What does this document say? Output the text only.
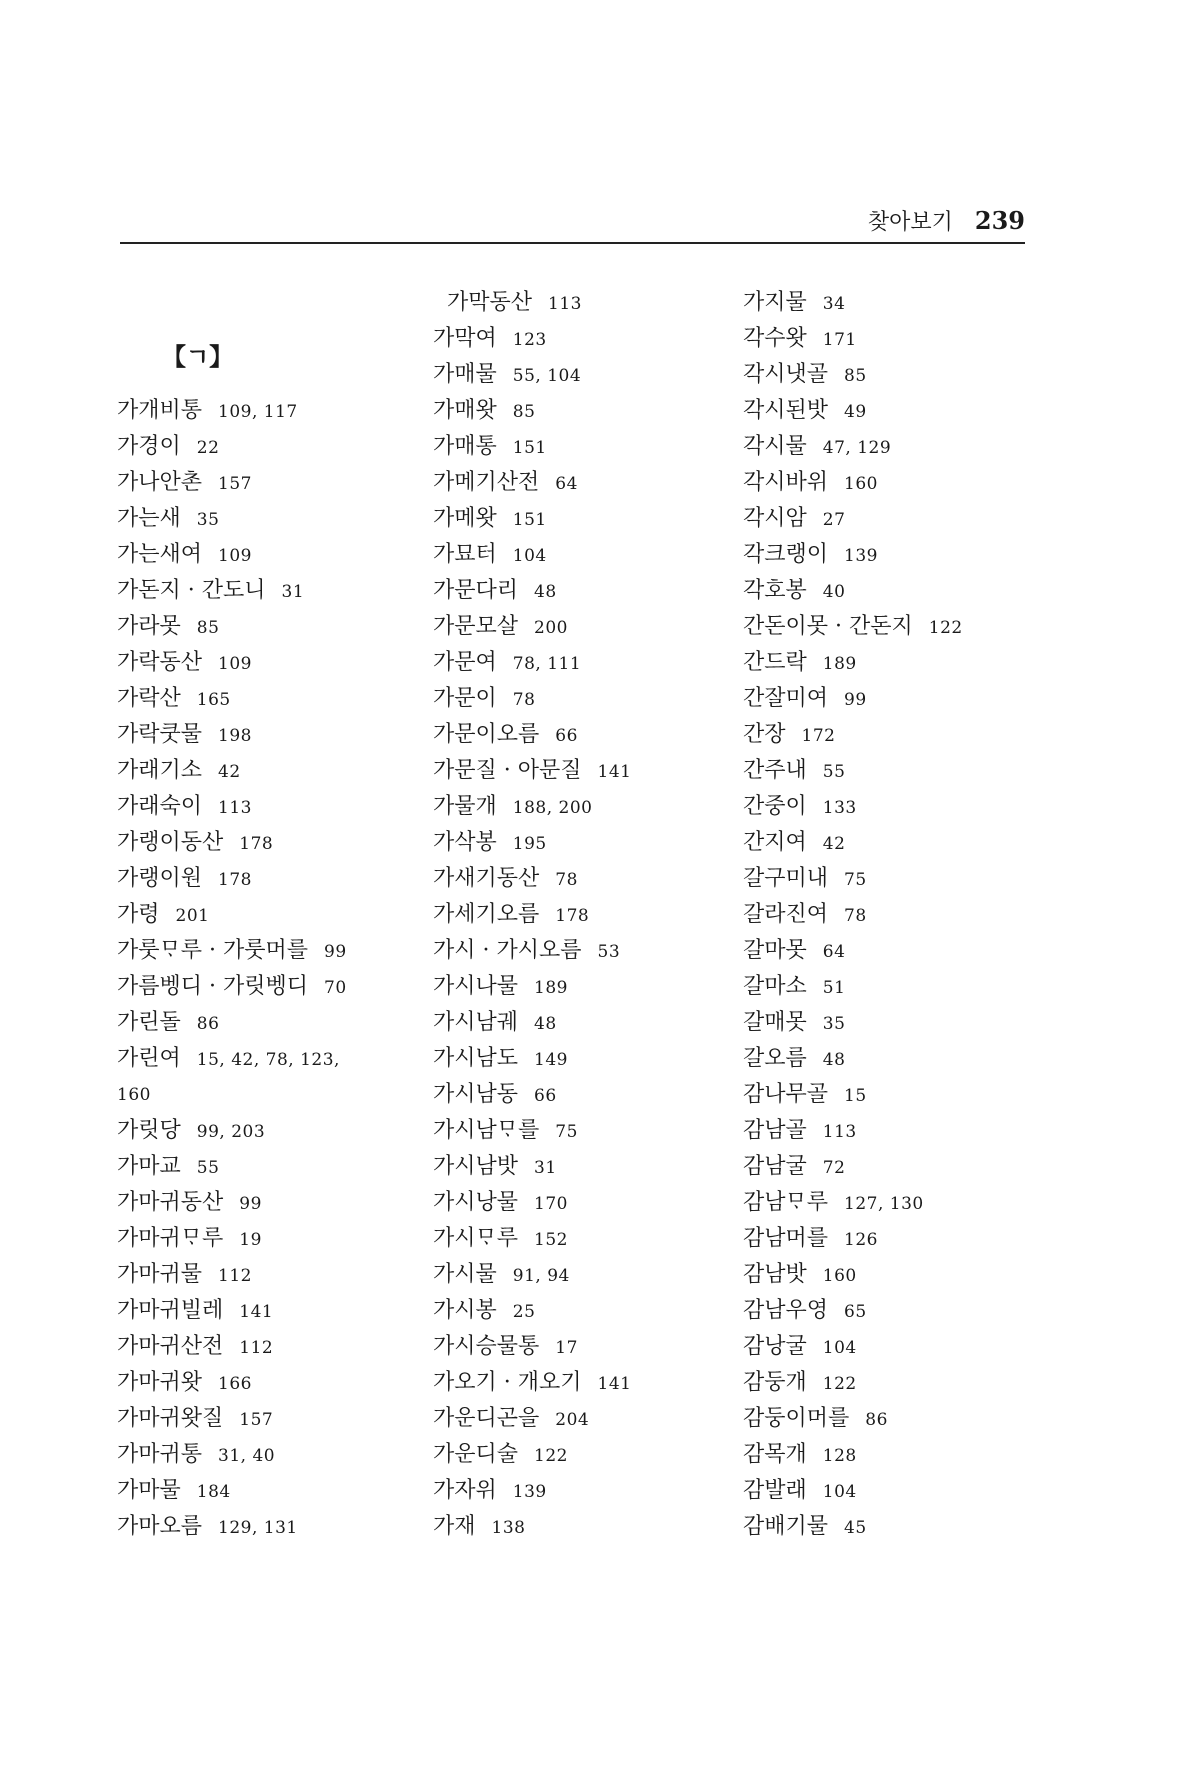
찾아보기 239
【ㄱ】
가개비통 109, 117
가경이 22
가나안촌 157
가는새 35
가는새여 109
가돈지 · 간도니 31
가라못 85
가락동산 109
가락산 165
가락쿳물 198
가래기소 42
가래숙이 113
가랭이동산 178
가랭이원 178
가령 201
가룻ᄆᆞ루 · 가룻머를 99
가름벵디 · 가릿벵디 70
가린돌 86
가린여 15, 42, 78, 123,
160
가릿당 99, 203
가마교 55
가마귀동산 99
가마귀ᄆᆞ루 19
가마귀물 112
가마귀빌레 141
가마귀산전 112
가마귀왓 166
가마귀왓질 157
가마귀통 31, 40
가마물 184
가마오름 129, 131
가막동산 113
가막여 123
가매물 55, 104
가매왓 85
가매통 151
가메기산전 64
가메왓 151
가묘터 104
가문다리 48
가문모살 200
가문여 78, 111
가문이 78
가문이오름 66
가문질 · 아문질 141
가물개 188, 200
가삭봉 195
가새기동산 78
가세기오름 178
가시 · 가시오름 53
가시나물 189
가시남궤 48
가시남도 149
가시남동 66
가시남ᄆᆞ를 75
가시남밧 31
가시낭물 170
가시ᄆᆞ루 152
가시물 91, 94
가시봉 25
가시승물통 17
가오기 · 개오기 141
가운디곤을 204
가운디술 122
가자위 139
가재 138
가지물 34
각수왓 171
각시냇골 85
각시된밧 49
각시물 47, 129
각시바위 160
각시암 27
각크랭이 139
각호봉 40
간돈이못 · 간돈지 122
간드락 189
간잘미여 99
간장 172
간주내 55
간중이 133
간지여 42
갈구미내 75
갈라진여 78
갈마못 64
갈마소 51
갈매못 35
갈오름 48
감나무골 15
감남골 113
감남굴 72
감남ᄆᆞ루 127, 130
감남머를 126
감남밧 160
감남우영 65
감낭굴 104
감둥개 122
감둥이머를 86
감목개 128
감발래 104
감배기물 45
